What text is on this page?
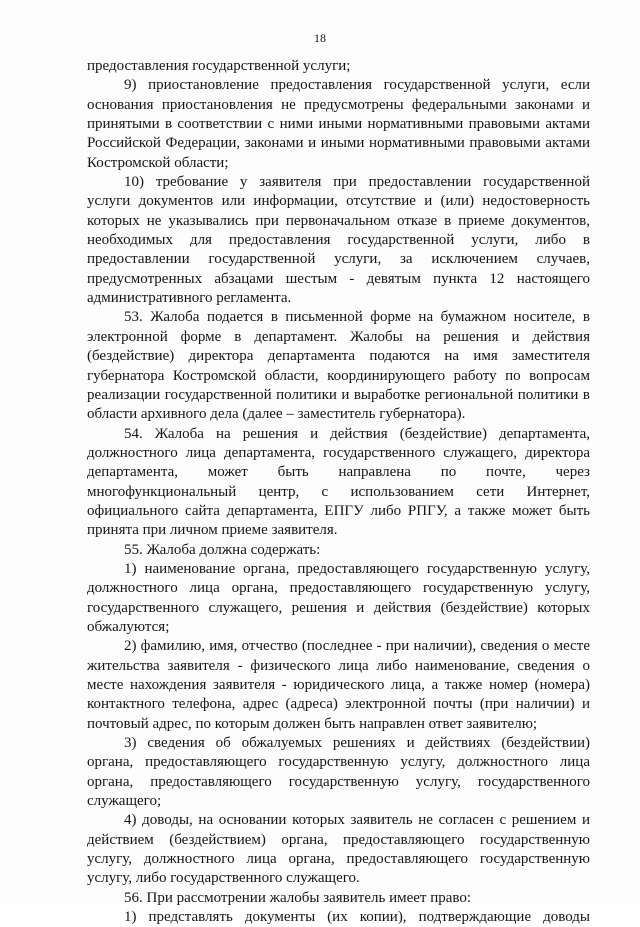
18
предоставления государственной услуги;
9) приостановление предоставления государственной услуги, если
основания приостановления не предусмотрены федеральными законами и
принятыми в соответствии с ними иными нормативными правовыми актами
Российской Федерации, законами и иными нормативными правовыми актами
Костромской области;
10) требование у заявителя при предоставлении государственной
услуги документов или информации, отсутствие и (или) недостоверность
которых не указывались при первоначальном отказе в приеме документов,
необходимых для предоставления государственной услуги, либо в
предоставлении государственной услуги, за исключением случаев,
предусмотренных абзацами шестым - девятым пункта 12 настоящего
административного регламента.
53. Жалоба подается в письменной форме на бумажном носителе, в
электронной форме в департамент. Жалобы на решения и действия
(бездействие) директора департамента подаются на имя заместителя
губернатора Костромской области, координирующего работу по вопросам
реализации государственной политики и выработке региональной политики в
области архивного дела (далее – заместитель губернатора).
54. Жалоба на решения и действия (бездействие) департамента,
должностного лица департамента, государственного служащего, директора
департамента, может быть направлена по почте, через
многофункциональный центр, с использованием сети Интернет,
официального сайта департамента, ЕПГУ либо РПГУ, а также может быть
принята при личном приеме заявителя.
55. Жалоба должна содержать:
1) наименование органа, предоставляющего государственную услугу,
должностного лица органа, предоставляющего государственную услугу,
государственного служащего, решения и действия (бездействие) которых
обжалуются;
2) фамилию, имя, отчество (последнее - при наличии), сведения о месте
жительства заявителя - физического лица либо наименование, сведения о
месте нахождения заявителя - юридического лица, а также номер (номера)
контактного телефона, адрес (адреса) электронной почты (при наличии) и
почтовый адрес, по которым должен быть направлен ответ заявителю;
3) сведения об обжалуемых решениях и действиях (бездействии)
органа, предоставляющего государственную услугу, должностного лица
органа, предоставляющего государственную услугу, государственного
служащего;
4) доводы, на основании которых заявитель не согласен с решением и
действием (бездействием) органа, предоставляющего государственную
услугу, должностного лица органа, предоставляющего государственную
услугу, либо государственного служащего.
56. При рассмотрении жалобы заявитель имеет право:
1) представлять документы (их копии), подтверждающие доводы
